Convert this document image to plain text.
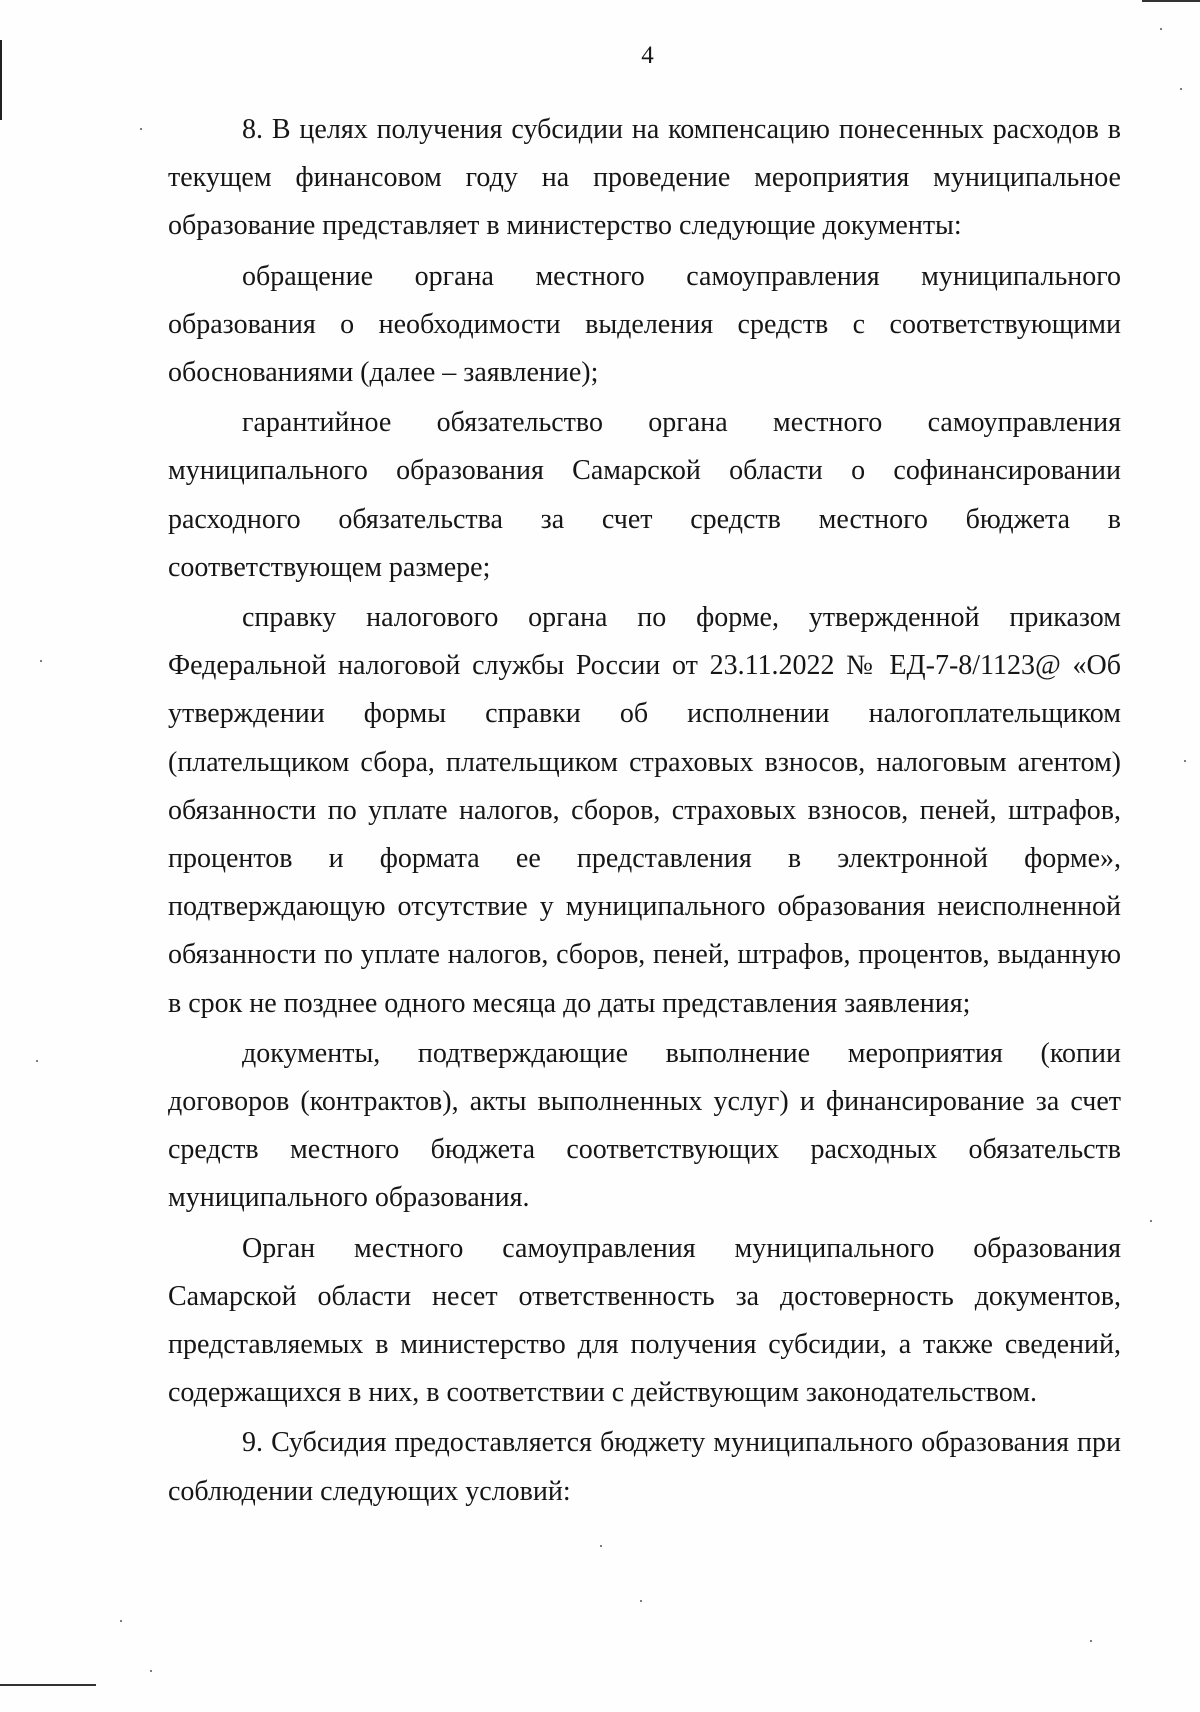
4

8. В целях получения субсидии на компенсацию понесенных расходов в текущем финансовом году на проведение мероприятия муниципальное образование представляет в министерство следующие документы:

обращение органа местного самоуправления муниципального образования о необходимости выделения средств с соответствующими обоснованиями (далее – заявление);

гарантийное обязательство органа местного самоуправления муниципального образования Самарской области о софинансировании расходного обязательства за счет средств местного бюджета в соответствующем размере;

справку налогового органа по форме, утвержденной приказом Федеральной налоговой службы России от 23.11.2022 № ЕД-7-8/1123@ «Об утверждении формы справки об исполнении налогоплательщиком (плательщиком сбора, плательщиком страховых взносов, налоговым агентом) обязанности по уплате налогов, сборов, страховых взносов, пеней, штрафов, процентов и формата ее представления в электронной форме», подтверждающую отсутствие у муниципального образования неисполненной обязанности по уплате налогов, сборов, пеней, штрафов, процентов, выданную в срок не позднее одного месяца до даты представления заявления;

документы, подтверждающие выполнение мероприятия (копии договоров (контрактов), акты выполненных услуг) и финансирование за счет средств местного бюджета соответствующих расходных обязательств муниципального образования.

Орган местного самоуправления муниципального образования Самарской области несет ответственность за достоверность документов, представляемых в министерство для получения субсидии, а также сведений, содержащихся в них, в соответствии с действующим законодательством.

9. Субсидия предоставляется бюджету муниципального образования при соблюдении следующих условий:
